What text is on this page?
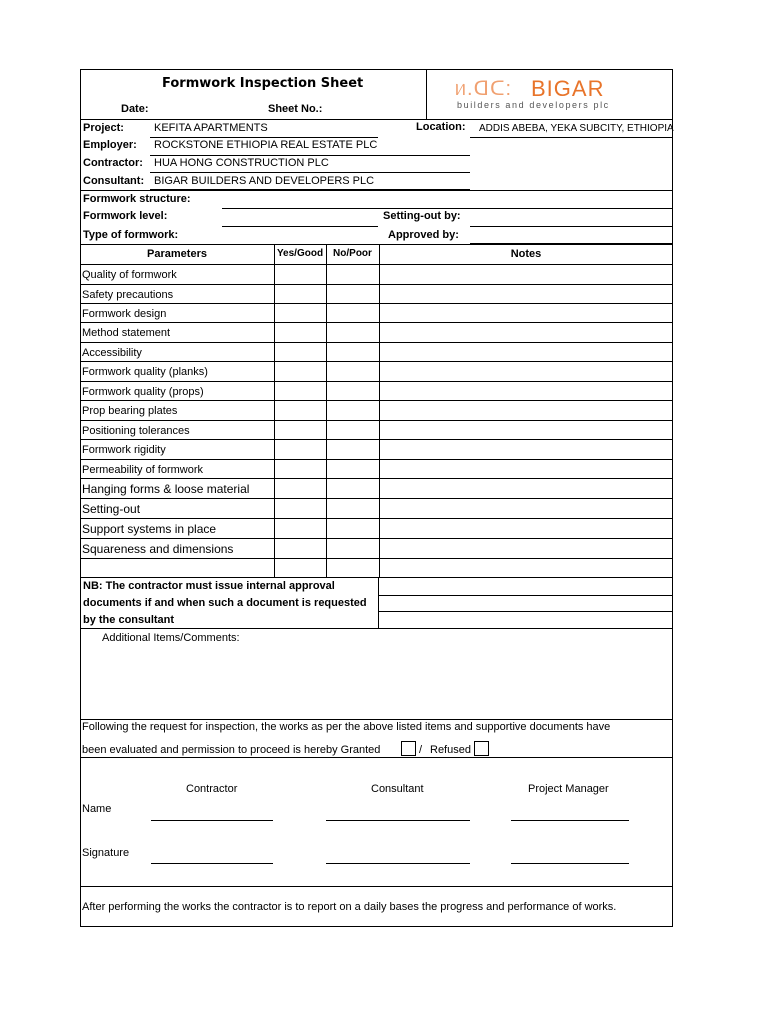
Formwork Inspection Sheet
Date:	Sheet No.:
ᥢ.ᗡᑕ: BIGAR
builders and developers plc
Project:	KEFITA APARTMENTS	Location: ADDIS ABEBA, YEKA SUBCITY, ETHIOPIA
Employer: ROCKSTONE ETHIOPIA REAL ESTATE PLC
Contractor: HUA HONG CONSTRUCTION PLC
Consultant: BIGAR BUILDERS AND DEVELOPERS PLC
Formwork structure:
Formwork level:	Setting-out by:
Type of formwork:	Approved by:
Parameters	Yes/Good No/Poor	Notes
Quality of formwork
Safety precautions
Formwork design
Method statement
Accessibility
Formwork quality (planks)
Formwork quality (props)
Prop bearing plates
Positioning tolerances
Formwork rigidity
Permeability of formwork
Hanging forms & loose material
Setting-out
Support systems in place
Squareness and dimensions
NB: The contractor must issue internal approval
documents if and when such a document is requested
by the consultant
Additional Items/Comments:
Following the request for inspection, the works as per the above listed items and supportive documents have
been evaluated and permission to proceed is hereby Granted	/ Refused
Contractor	Consultant	Project Manager
Name
Signature
After performing the works the contractor is to report on a daily bases the progress and performance of works.
